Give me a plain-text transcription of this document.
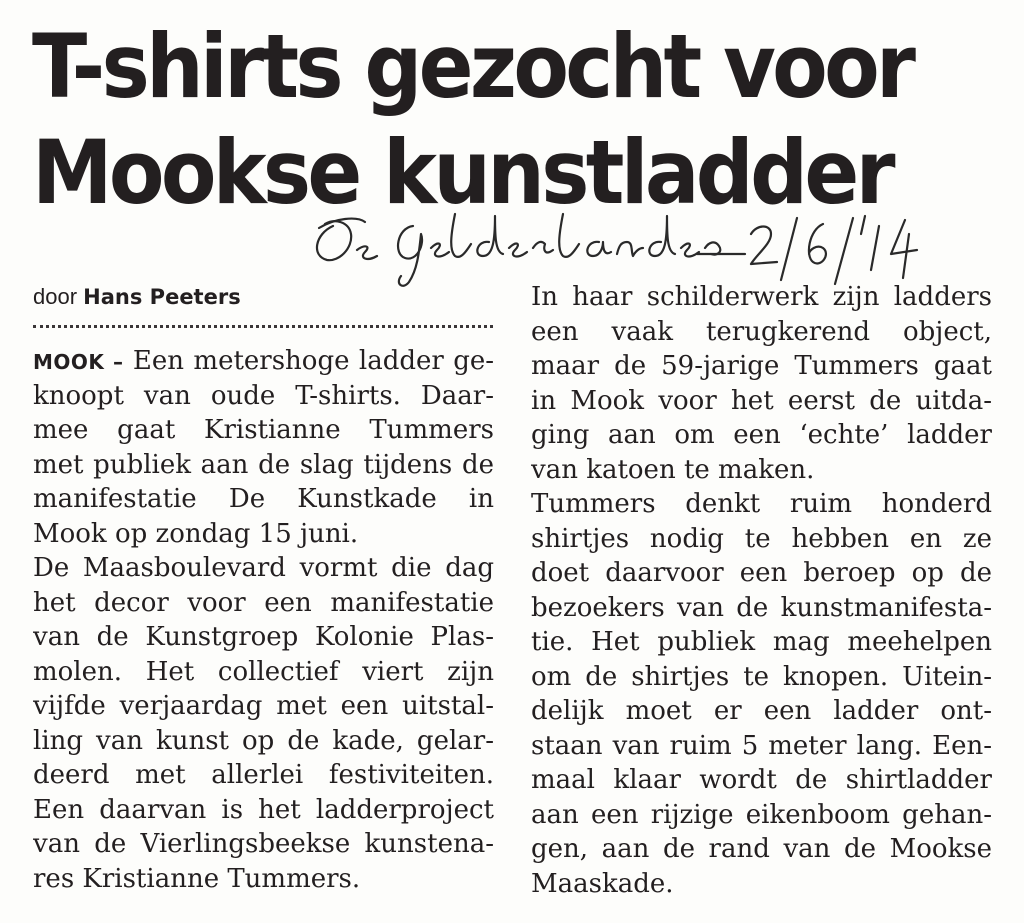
T-shirts gezocht voor
Mookse kunstladder
door Hans Peeters
MOOK – Een metershoge ladder ge-
knoopt van oude T-shirts. Daar-
mee gaat Kristianne Tummers
met publiek aan de slag tijdens de
manifestatie De Kunstkade in
Mook op zondag 15 juni.
De Maasboulevard vormt die dag
het decor voor een manifestatie
van de Kunstgroep Kolonie Plas-
molen. Het collectief viert zijn
vijfde verjaardag met een uitstal-
ling van kunst op de kade, gelar-
deerd met allerlei festiviteiten.
Een daarvan is het ladderproject
van de Vierlingsbeekse kunstena-
res Kristianne Tummers.
In haar schilderwerk zijn ladders
een vaak terugkerend object,
maar de 59-jarige Tummers gaat
in Mook voor het eerst de uitda-
ging aan om een ‘echte’ ladder
van katoen te maken.
Tummers denkt ruim honderd
shirtjes nodig te hebben en ze
doet daarvoor een beroep op de
bezoekers van de kunstmanifesta-
tie. Het publiek mag meehelpen
om de shirtjes te knopen. Uitein-
delijk moet er een ladder ont-
staan van ruim 5 meter lang. Een-
maal klaar wordt de shirtladder
aan een rijzige eikenboom gehan-
gen, aan de rand van de Mookse
Maaskade.
